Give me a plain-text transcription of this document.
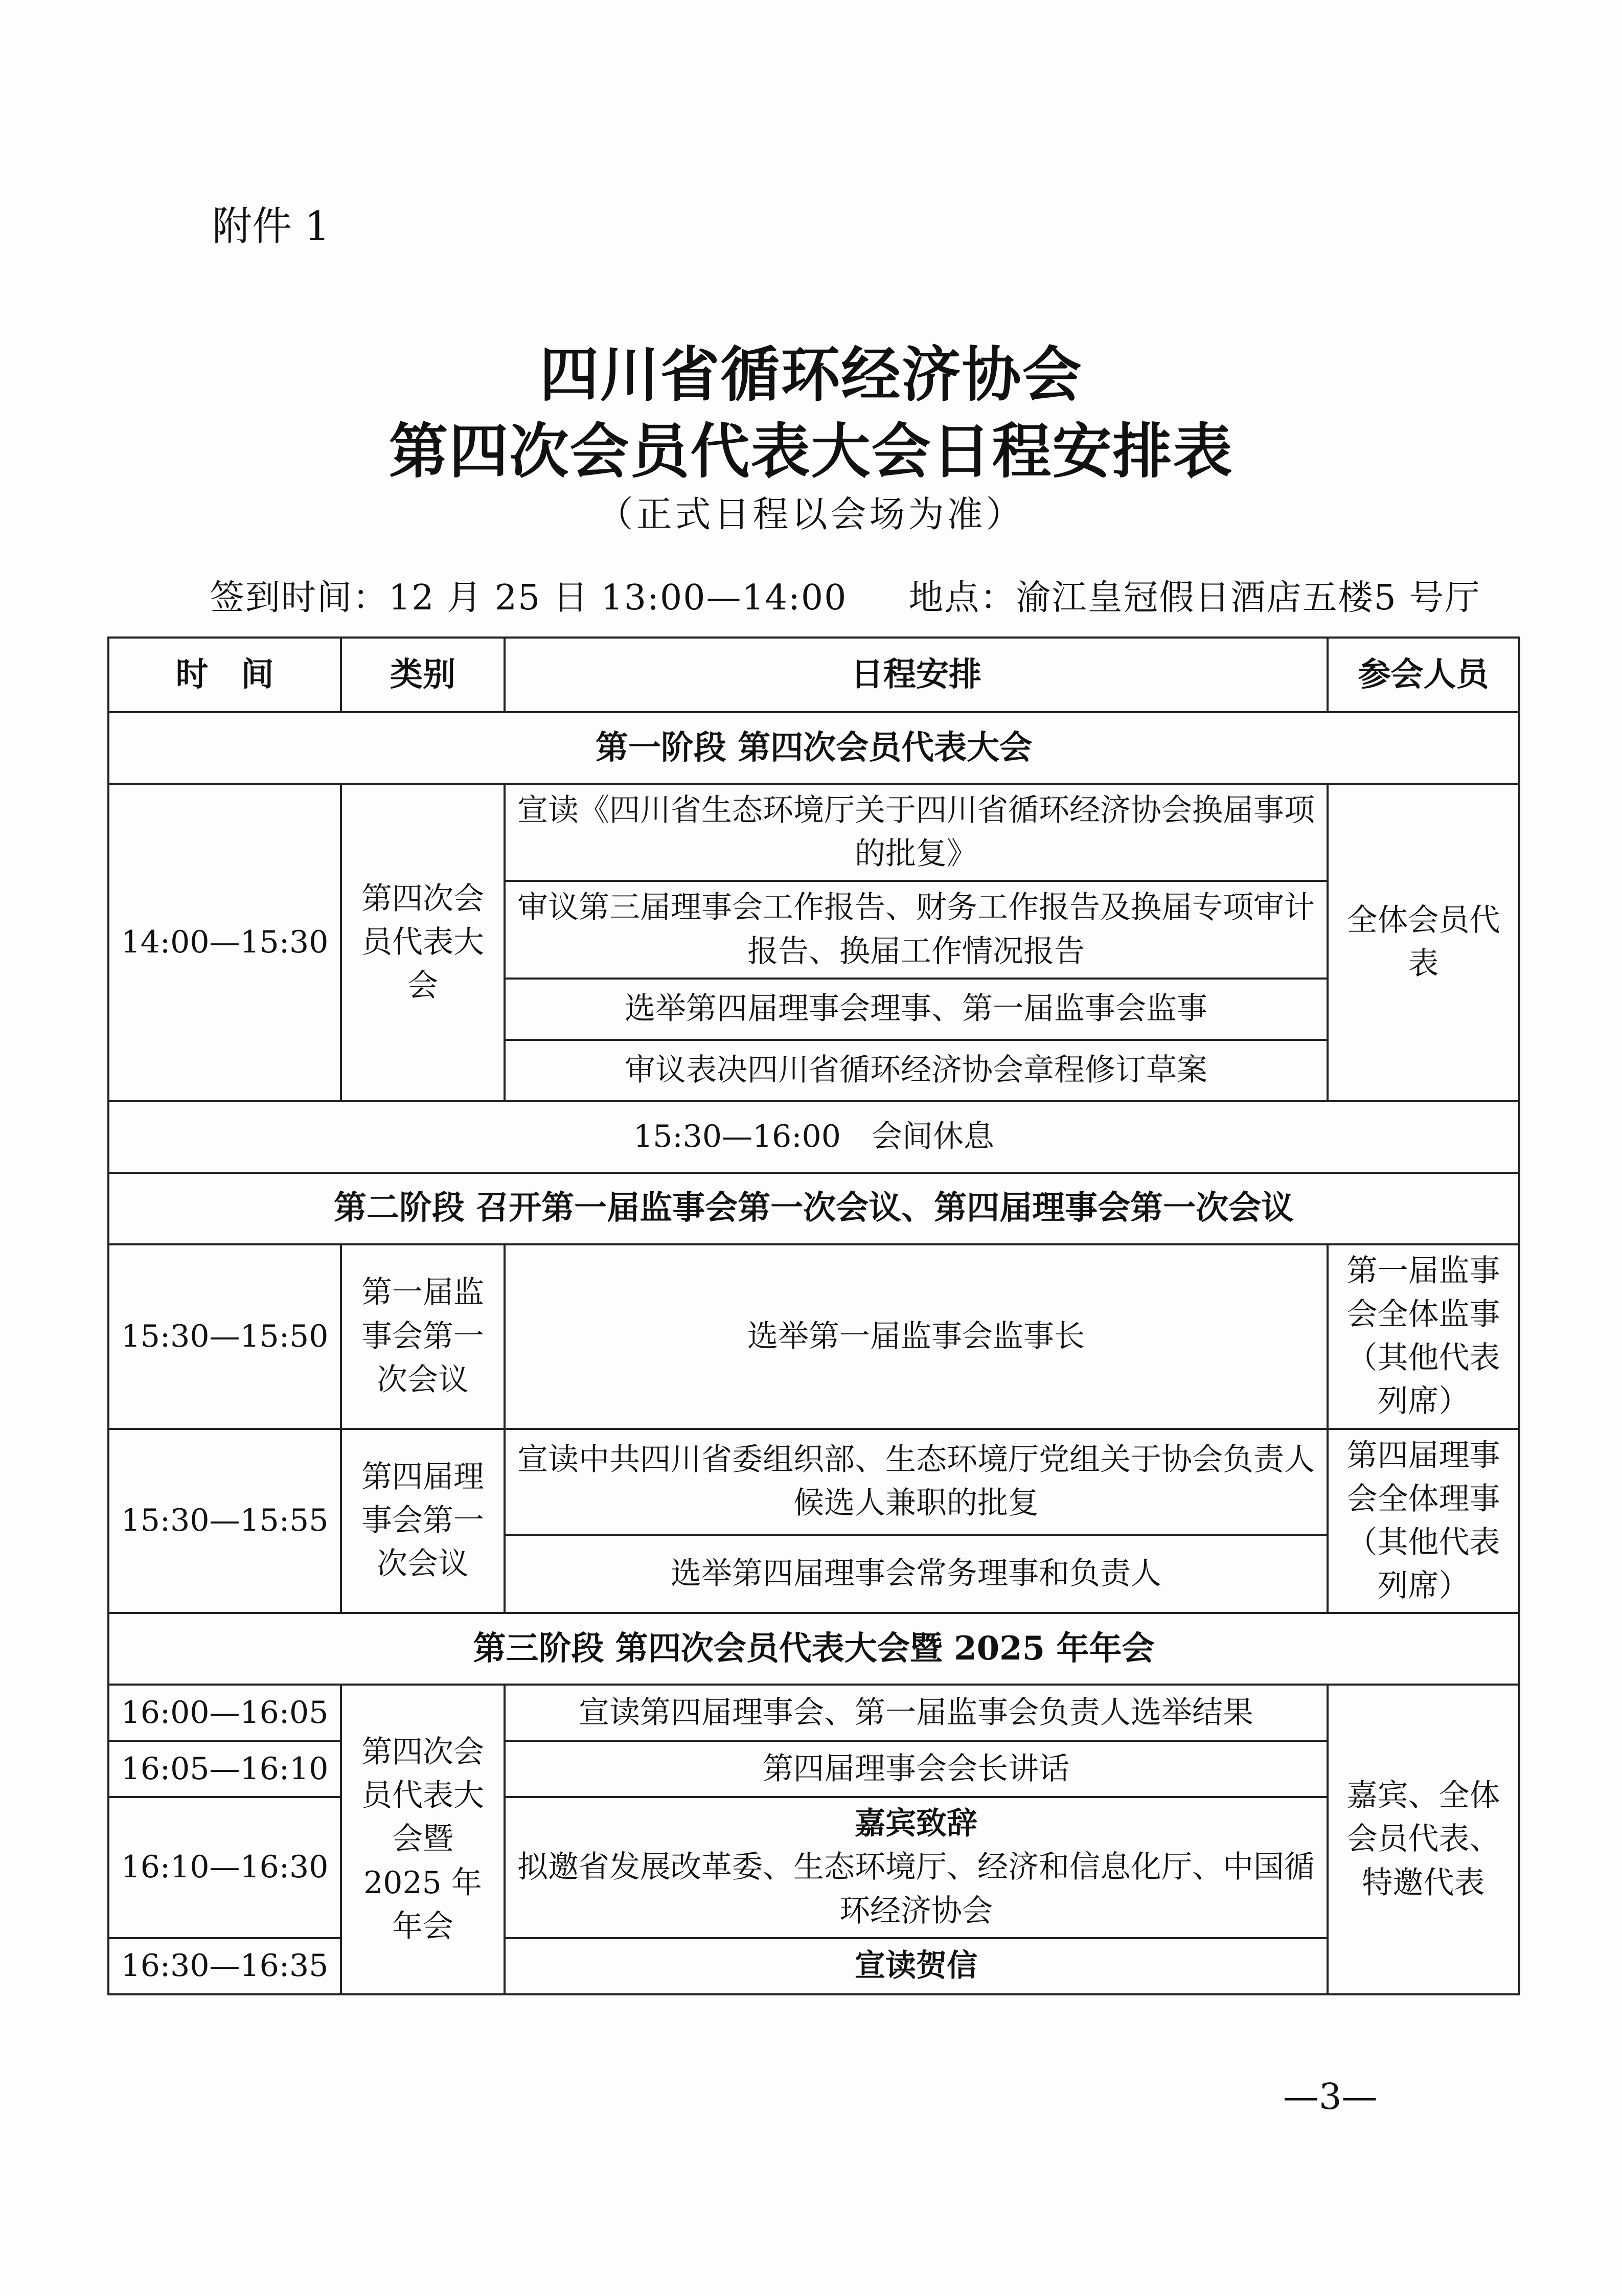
附件 1
四川省循环经济协会
第四次会员代表大会日程安排表
（正式日程以会场为准）
签到时间：12 月 25 日 13:00—14:00 地点：渝江皇冠假日酒店五楼5 号厅
时　间	类别	日程安排	参会人员
第一阶段 第四次会员代表大会			
14:00—15:30	第四次会员代表大会	宣读《四川省生态环境厅关于四川省循环经济协会换届事项的批复》	全体会员代表
		审议第三届理事会工作报告、财务工作报告及换届专项审计报告、换届工作情况报告	
		选举第四届理事会理事、第一届监事会监事	
		审议表决四川省循环经济协会章程修订草案	
15:30—16:00　会间休息			
第二阶段 召开第一届监事会第一次会议、第四届理事会第一次会议			
15:30—15:50	第一届监事会第一次会议	选举第一届监事会监事长	第一届监事会全体监事（其他代表列席）
15:30—15:55	第四届理事会第一次会议	宣读中共四川省委组织部、生态环境厅党组关于协会负责人候选人兼职的批复	第四届理事会全体理事（其他代表列席）
		选举第四届理事会常务理事和负责人	
第三阶段 第四次会员代表大会暨 2025 年年会			
16:00—16:05	第四次会员代表大会暨 2025 年年会	宣读第四届理事会、第一届监事会负责人选举结果	嘉宾、全体会员代表、特邀代表
16:05—16:10		第四届理事会会长讲话	
16:10—16:30		嘉宾致辞
拟邀省发展改革委、生态环境厅、经济和信息化厅、中国循环经济协会	

16:30—16:35		宣读贺信	
—3—
